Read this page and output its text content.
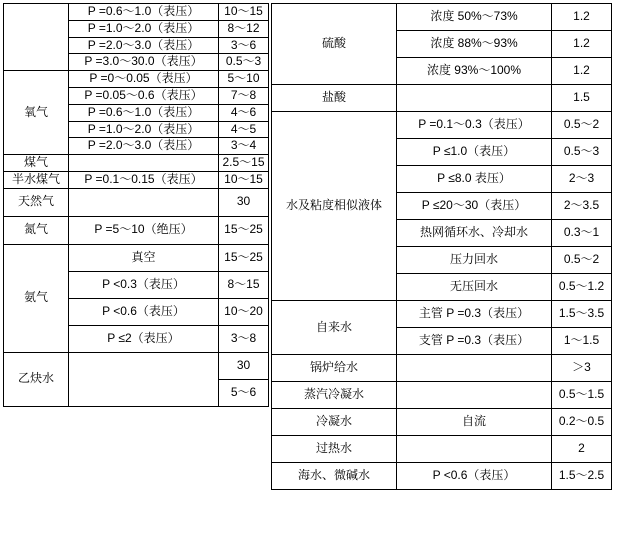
	P =0.6～1.0（表压）	10～15
	P =1.0～2.0（表压）	8～12
	P =2.0～3.0（表压）	3～6
	P =3.0～30.0（表压）	0.5～3
氧气	P =0～0.05（表压）	5～10
	P =0.05～0.6（表压）	7～8
	P =0.6～1.0（表压）	4～6
	P =1.0～2.0（表压）	4～5
	P =2.0～3.0（表压）	3～4
煤气		2.5～15
半水煤气	P =0.1～0.15（表压）	10～15
天然气		30
氮气	P =5～10（绝压）	15～25
氨气	真空	15～25
	P <0.3（表压）	8～15
	P <0.6（表压）	10～20
	P ≤2（表压）	3～8
乙炔水		30
		5～6
硫酸	浓度 50%～73%	1.2
	浓度 88%～93%	1.2
	浓度 93%～100%	1.2
盐酸		1.5
水及粘度相似液体	P =0.1～0.3（表压）	0.5～2
	P ≤1.0（表压）	0.5～3
	P ≤8.0 表压）	2～3
	P ≤20～30（表压）	2～3.5
	热网循环水、冷却水	0.3～1
	压力回水	0.5～2
	无压回水	0.5～1.2
自来水	主管 P =0.3（表压）	1.5～3.5
	支管 P =0.3（表压）	1～1.5
锅炉给水		＞3
蒸汽冷凝水		0.5～1.5
冷凝水	自流	0.2～0.5
过热水		2
海水、微碱水	P <0.6（表压）	1.5～2.5
